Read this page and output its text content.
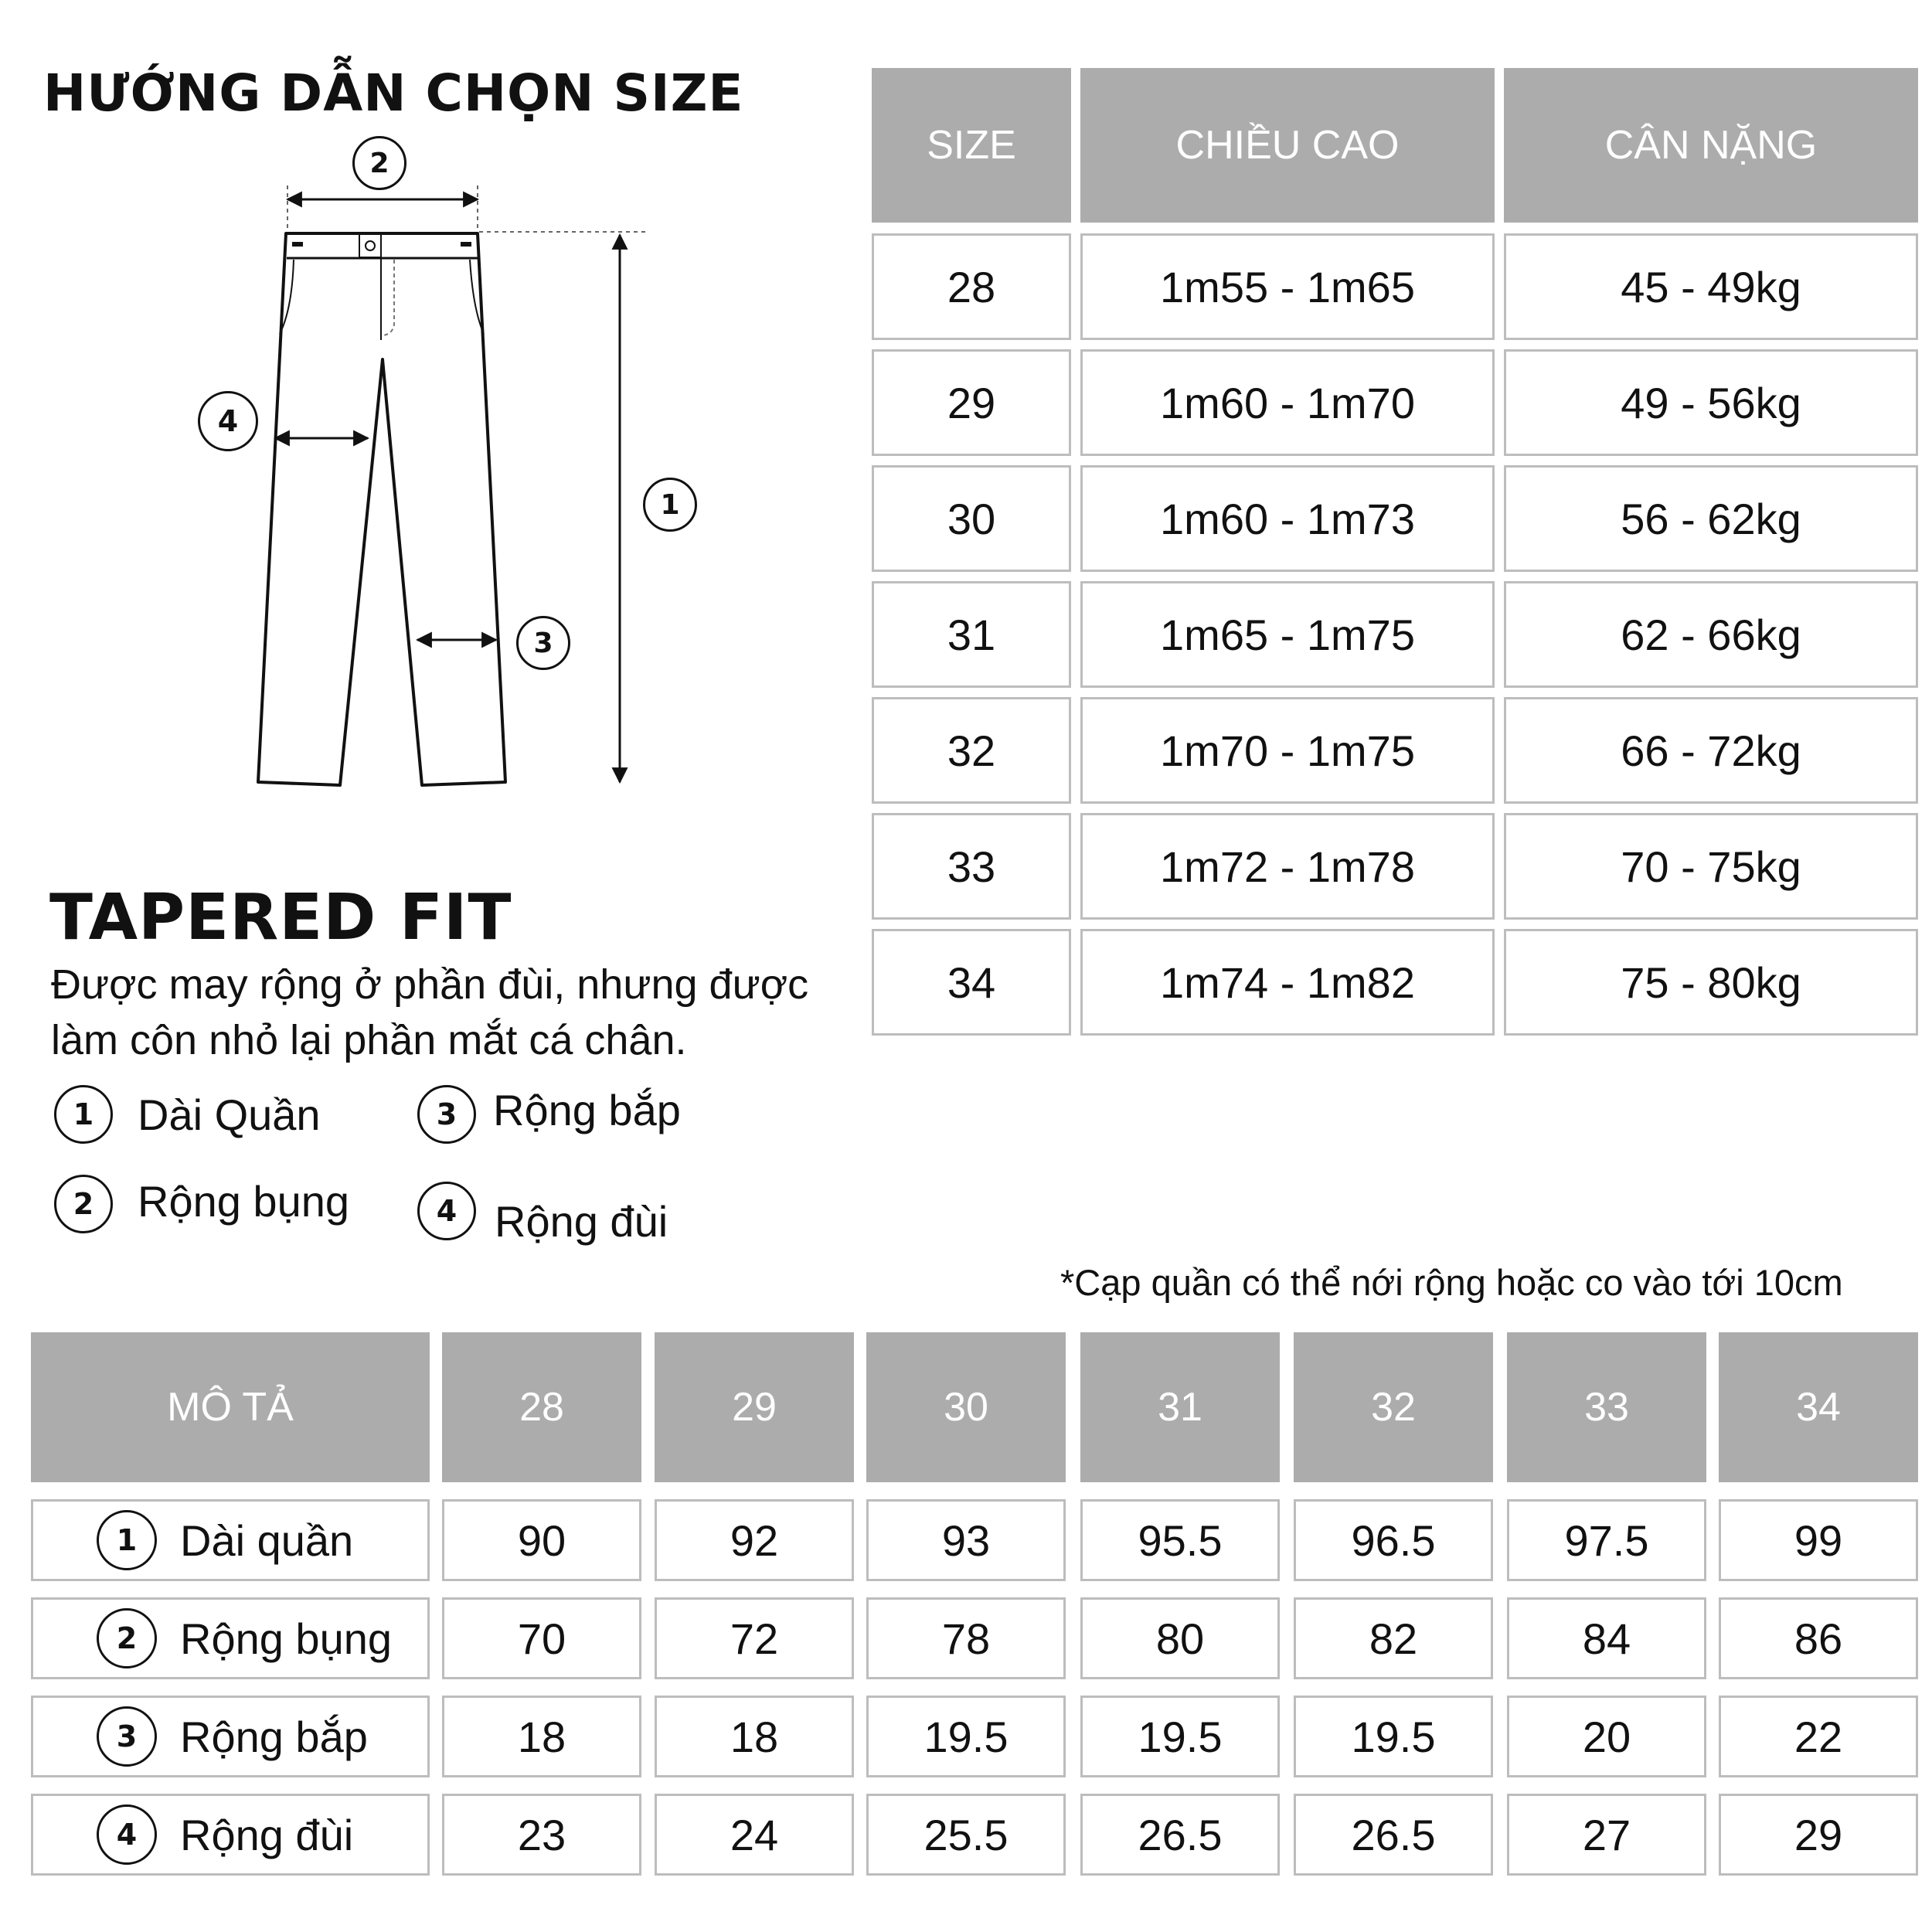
HƯỚNG DẪN CHỌN SIZE
2
4
1
3
TAPERED FIT
Được may rộng ở phần đùi, nhưng được
làm côn nhỏ lại phần mắt cá chân.
1	Dài Quần	3 Rộng bắp
2	Rộng bụng	4 Rộng đùi
SIZE	CHIỀU CAO	CÂN NẶNG
28	1m55 - 1m65	45 - 49kg
29	1m60 - 1m70	49 - 56kg
30	1m60 - 1m73	56 - 62kg
31	1m65 - 1m75	62 - 66kg
32	1m70 - 1m75	66 - 72kg
33	1m72 - 1m78	70 - 75kg
34	1m74 - 1m82	75 - 80kg
*Cạp quần có thể nới rộng hoặc co vào tới 10cm
MÔ TẢ	28	29	30	31	32	33	34
1 Dài quần	90	92	93	95.5	96.5	97.5	99
2 Rộng bụng	70	72	78	80	82	84	86
3 Rộng bắp	18	18	19.5	19.5	19.5	20	22
4 Rộng đùi	23	24	25.5	26.5	26.5	27	29
